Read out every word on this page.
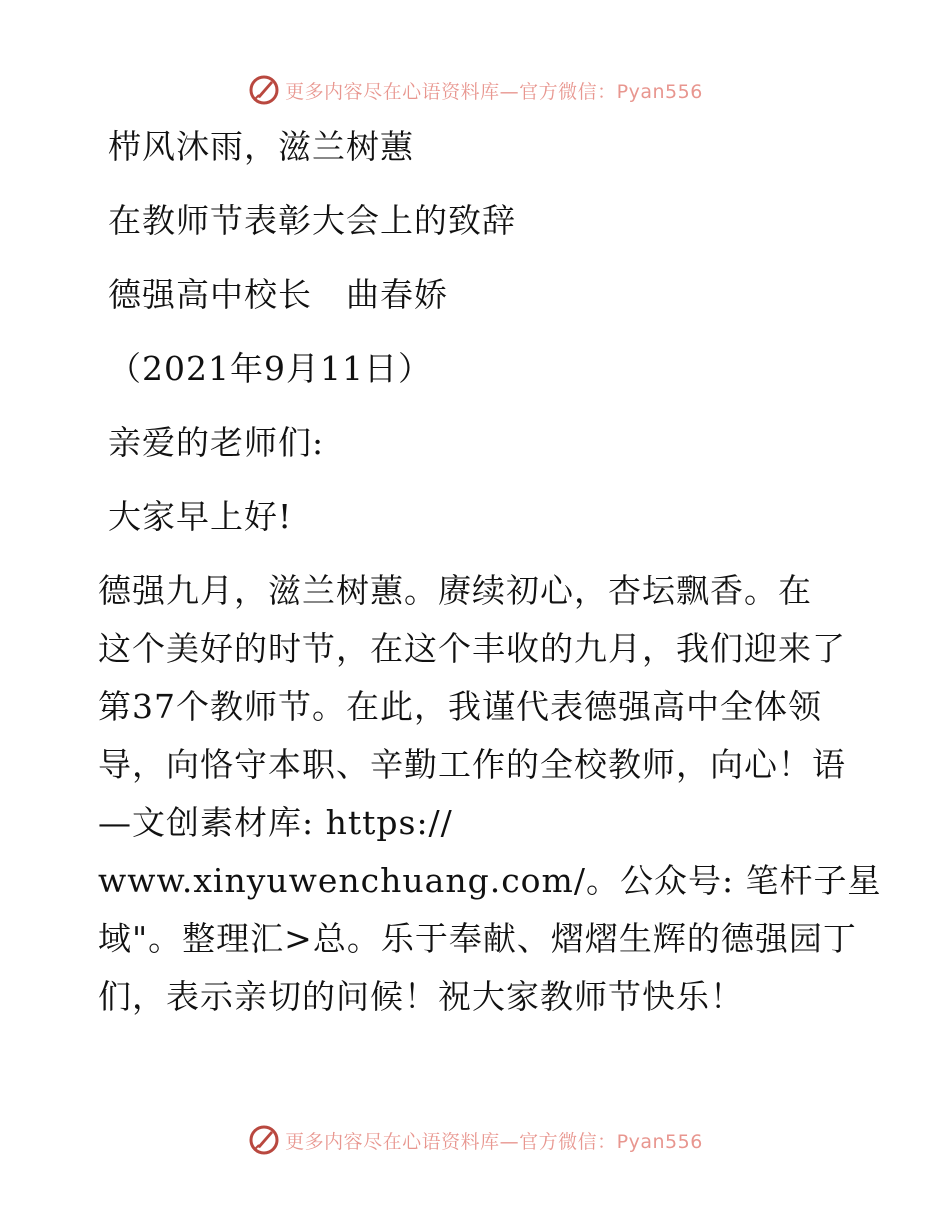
更多内容尽在心语资料库—官方微信：Pyan556
栉风沐雨，滋兰树蕙
在教师节表彰大会上的致辞
德强高中校长　曲春娇
（2021年9月11日）
亲爱的老师们:
大家早上好!
德强九月，滋兰树蕙。赓续初心，杏坛飘香。在
这个美好的时节，在这个丰收的九月，我们迎来了
第37个教师节。在此，我谨代表德强高中全体领
导，向恪守本职、辛勤工作的全校教师，向心！语
—文创素材库: https://
www.xinyuwenchuang.com/。公众号: 笔杆子星
域"。整理汇>总。乐于奉献、熠熠生辉的德强园丁
们，表示亲切的问候！祝大家教师节快乐！
更多内容尽在心语资料库—官方微信：Pyan556
